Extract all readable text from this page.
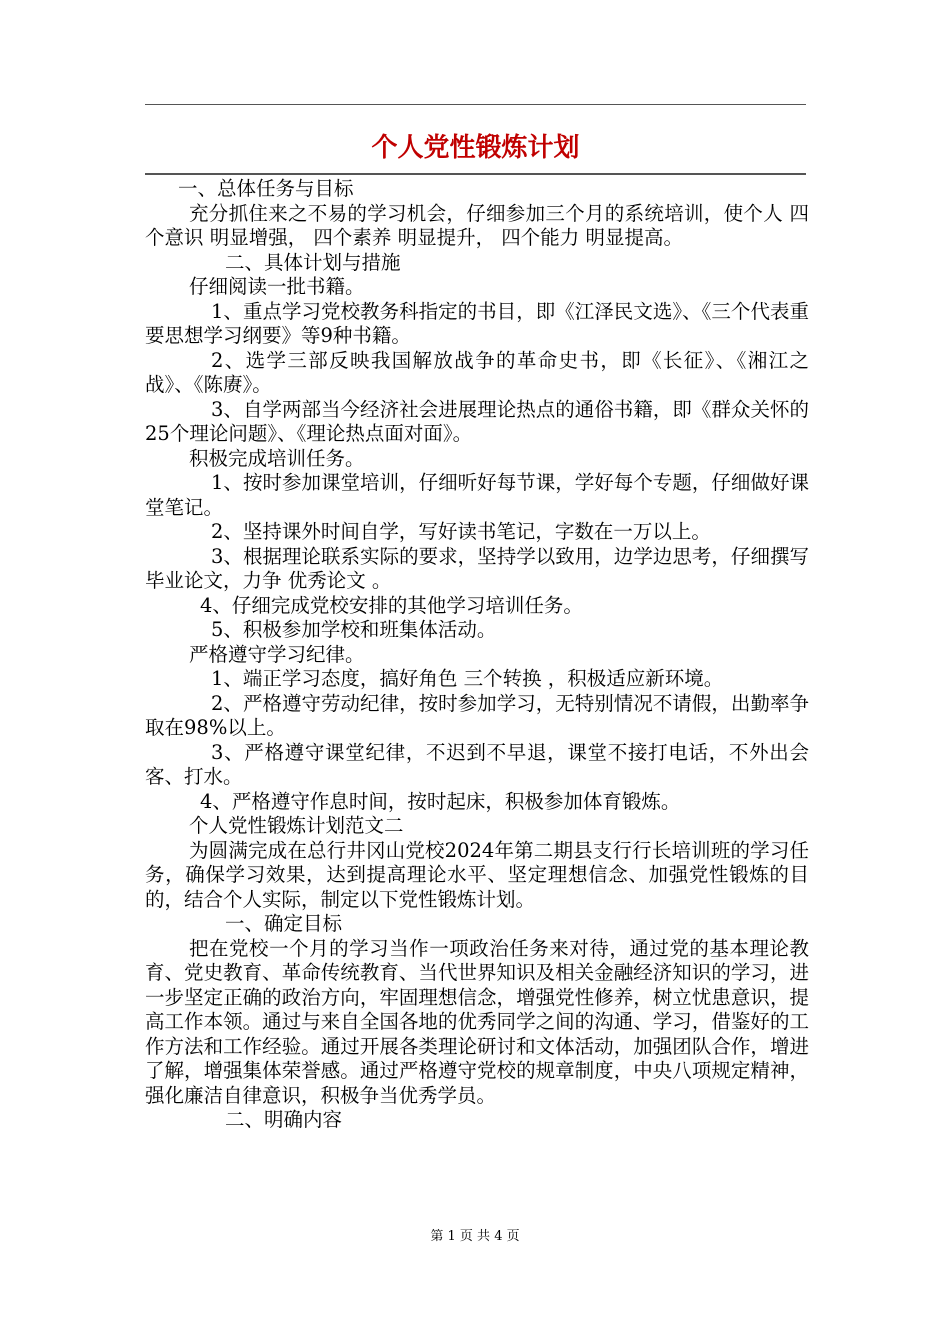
个人党性锻炼计划

一、总体任务与目标

充分抓住来之不易的学习机会，仔细参加三个月的系统培训，使个人 四个意识 明显增强， 四个素养 明显提升， 四个能力 明显提高。

二、具体计划与措施

仔细阅读一批书籍。

1、重点学习党校教务科指定的书目，即《江泽民文选》、《三个代表重要思想学习纲要》等9种书籍。

2、选学三部反映我国解放战争的革命史书，即《长征》、《湘江之战》、《陈赓》。

3、自学两部当今经济社会进展理论热点的通俗书籍，即《群众关怀的25个理论问题》、《理论热点面对面》。

积极完成培训任务。

1、按时参加课堂培训，仔细听好每节课，学好每个专题，仔细做好课堂笔记。

2、坚持课外时间自学，写好读书笔记，字数在一万以上。

3、根据理论联系实际的要求，坚持学以致用，边学边思考，仔细撰写毕业论文，力争 优秀论文 。

4、仔细完成党校安排的其他学习培训任务。

5、积极参加学校和班集体活动。

严格遵守学习纪律。

1、端正学习态度，搞好角色 三个转换 ，积极适应新环境。

2、严格遵守劳动纪律，按时参加学习，无特别情况不请假，出勤率争取在98%以上。

3、严格遵守课堂纪律，不迟到不早退，课堂不接打电话，不外出会客、打水。

4、严格遵守作息时间，按时起床，积极参加体育锻炼。

个人党性锻炼计划范文二

为圆满完成在总行井冈山党校2024年第二期县支行行长培训班的学习任务，确保学习效果，达到提高理论水平、坚定理想信念、加强党性锻炼的目的，结合个人实际，制定以下党性锻炼计划。

一、确定目标

把在党校一个月的学习当作一项政治任务来对待，通过党的基本理论教育、党史教育、革命传统教育、当代世界知识及相关金融经济知识的学习，进一步坚定正确的政治方向，牢固理想信念，增强党性修养，树立忧患意识，提高工作本领。通过与来自全国各地的优秀同学之间的沟通、学习，借鉴好的工作方法和工作经验。通过开展各类理论研讨和文体活动，加强团队合作，增进了解，增强集体荣誉感。通过严格遵守党校的规章制度，中央八项规定精神，强化廉洁自律意识，积极争当优秀学员。

二、明确内容

第 1 页 共 4 页
